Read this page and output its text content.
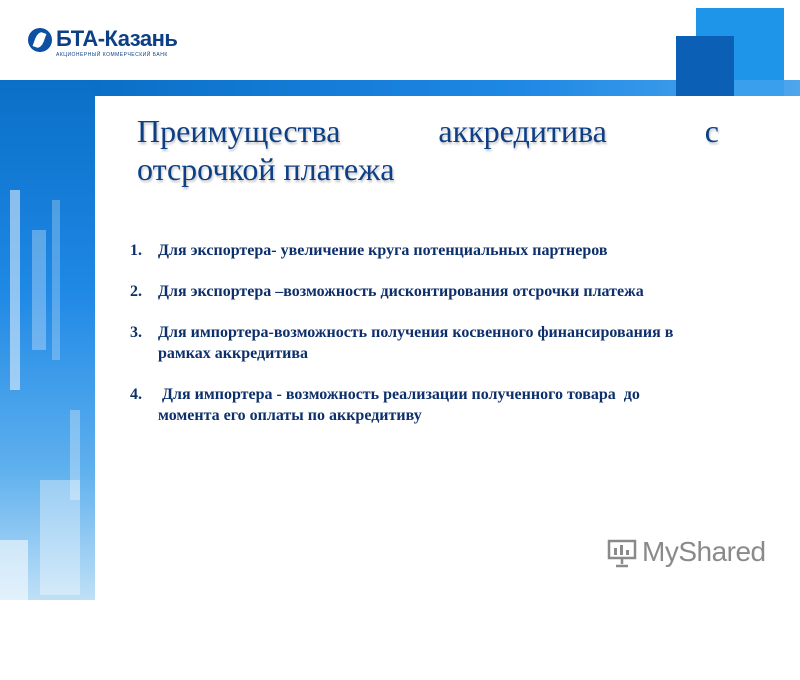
БТА-Казань
АКЦИОНЕРНЫЙ КОММЕРЧЕСКИЙ БАНК
Преимущества	аккредитива	с
отсрочкой платежа
1.	Для экспортера- увеличение круга потенциальных партнеров
2.	Для экспортера –возможность дисконтирования отсрочки платежа
3.	Для импортера-возможность получения косвенного финансирования в рамках аккредитива
4.	Для импортера - возможность реализации полученного товара  до момента его оплаты по аккредитиву
MyShared
